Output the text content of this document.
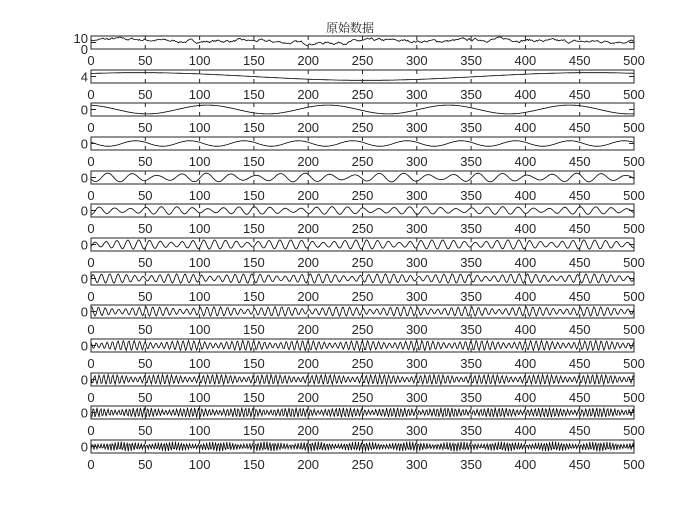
原始数据
0	50	100	150	200	250	300	350	400	450	500
0
10
0	50	100	150	200	250	300	350	400	450	500
4
0	50	100	150	200	250	300	350	400	450	500
0
0	50	100	150	200	250	300	350	400	450	500
0
0	50	100	150	200	250	300	350	400	450	500
0
0	50	100	150	200	250	300	350	400	450	500
0
0	50	100	150	200	250	300	350	400	450	500
0
0	50	100	150	200	250	300	350	400	450	500
0
0	50	100	150	200	250	300	350	400	450	500
0
0	50	100	150	200	250	300	350	400	450	500
0
0	50	100	150	200	250	300	350	400	450	500
0
0	50	100	150	200	250	300	350	400	450	500
0
0	50	100	150	200	250	300	350	400	450	500
0
